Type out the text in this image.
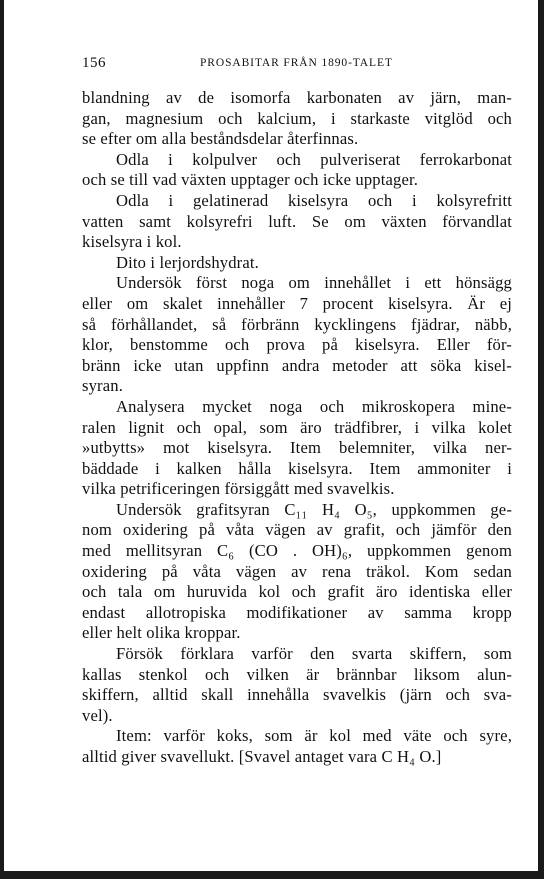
156	PROSABITAR FRÅN 1890-TALET

blandning av de isomorfa karbonaten av järn, man-
gan, magnesium och kalcium, i starkaste vitglöd och
se efter om alla beståndsdelar återfinnas.

Odla i kolpulver och pulveriserat ferrokarbonat
och se till vad växten upptager och icke upptager.

Odla i gelatinerad kiselsyra och i kolsyrefritt
vatten samt kolsyrefri luft. Se om växten förvandlat
kiselsyra i kol.

Dito i lerjordshydrat.

Undersök först noga om innehållet i ett hönsägg
eller om skalet innehåller 7 procent kiselsyra. Är ej
så förhållandet, så förbränn kycklingens fjädrar, näbb,
klor, benstomme och prova på kiselsyra. Eller för-
bränn icke utan uppfinn andra metoder att söka kisel-
syran.

Analysera mycket noga och mikroskopera mine-
ralen lignit och opal, som äro trädfibrer, i vilka kolet
»utbytts» mot kiselsyra. Item belemniter, vilka ner-
bäddade i kalken hålla kiselsyra. Item ammoniter i
vilka petrificeringen försiggått med svavelkis.

Undersök grafitsyran C₁₁ H₄ O₅, uppkommen ge-
nom oxidering på våta vägen av grafit, och jämför den
med mellitsyran C₆ (CO . OH)₆, uppkommen genom
oxidering på våta vägen av rena träkol. Kom sedan
och tala om huruvida kol och grafit äro identiska eller
endast allotropiska modifikationer av samma kropp
eller helt olika kroppar.

Försök förklara varför den svarta skiffern, som
kallas stenkol och vilken är brännbar liksom alun-
skiffern, alltid skall innehålla svavelkis (järn och sva-
vel).

Item: varför koks, som är kol med väte och syre,
alltid giver svavellukt. [Svavel antaget vara C H₄ O.]
